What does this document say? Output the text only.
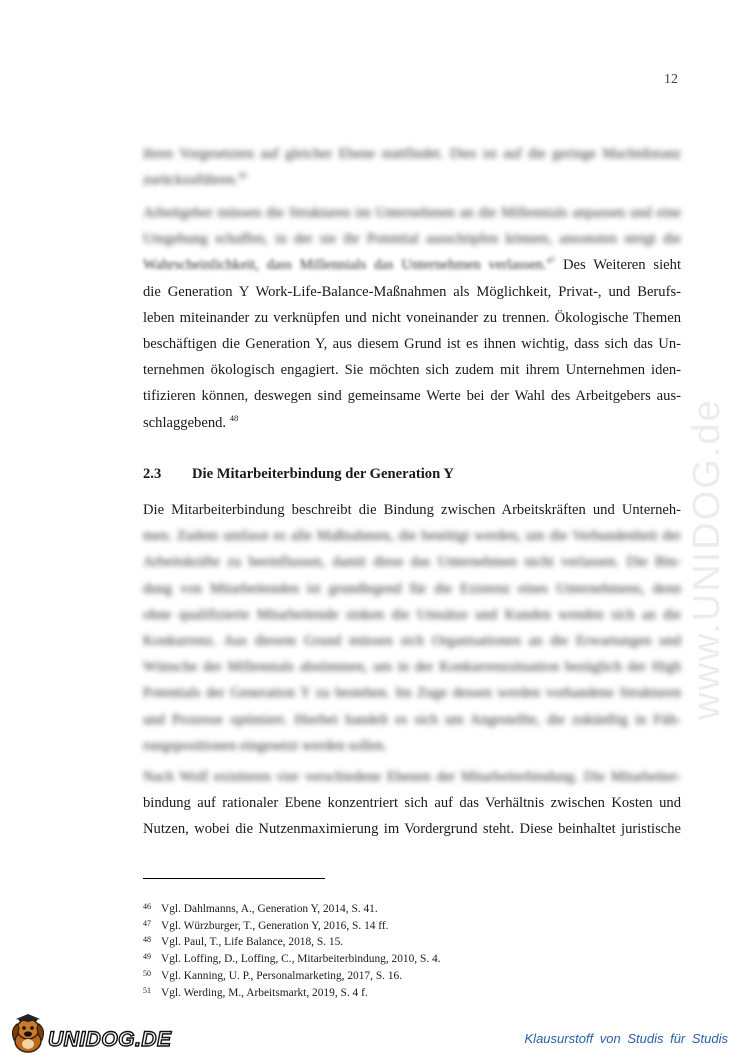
12

ihren Vorgesetzten auf gleicher Ebene stattfindet. Dies ist auf die geringe Machtdistanz
zurückzuführen.$^{46}$

Arbeitgeber müssen die Strukturen im Unternehmen an die Millennials anpassen und eine
Umgebung schaffen, in der sie ihr Potential ausschöpfen können, ansonsten steigt die
Wahrscheinlichkeit, dass Millennials das Unternehmen verlassen.$^{47}$ Des Weiteren sieht
die Generation Y Work-Life-Balance-Maßnahmen als Möglichkeit, Privat-, und Berufs-
leben miteinander zu verknüpfen und nicht voneinander zu trennen. Ökologische Themen
beschäftigen die Generation Y, aus diesem Grund ist es ihnen wichtig, dass sich das Un-
ternehmen ökologisch engagiert. Sie möchten sich zudem mit ihrem Unternehmen iden-
tifizieren können, deswegen sind gemeinsame Werte bei der Wahl des Arbeitgebers aus-
schlaggebend. $^{48}$

2.3 Die Mitarbeiterbindung der Generation Y

Die Mitarbeiterbindung beschreibt die Bindung zwischen Arbeitskräften und Unterneh-
men. Zudem umfasst es alle Maßnahmen, die benötigt werden, um die Verbundenheit der
Arbeitskräfte zu beeinflussen, damit diese das Unternehmen nicht verlassen. Die Bin-
dung von Mitarbeitenden ist grundlegend für die Existenz eines Unternehmens, denn
ohne qualifizierte Mitarbeitende sinken die Umsätze und Kunden wenden sich an die
Konkurrenz. Aus diesem Grund müssen sich Organisationen an die Erwartungen und
Wünsche der Millennials abstimmen, um in der Konkurrenzsituation bezüglich der High
Potentials der Generation Y zu bestehen. Im Zuge dessen werden vorhandene Strukturen
und Prozesse optimiert. Hierbei handelt es sich um Angestellte, die zukünftig in Füh-
rungspositionen eingesetzt werden sollen.

Nach Wolf existieren vier verschiedene Ebenen der Mitarbeiterbindung. Die Mitarbeiter-
bindung auf rationaler Ebene konzentriert sich auf das Verhältnis zwischen Kosten und
Nutzen, wobei die Nutzenmaximierung im Vordergrund steht. Diese beinhaltet juristische

46 Vgl. Dahlmanns, A., Generation Y, 2014, S. 41.
47 Vgl. Würzburger, T., Generation Y, 2016, S. 14 ff.
48 Vgl. Paul, T., Life Balance, 2018, S. 15.
49 Vgl. Loffing, D., Loffing, C., Mitarbeiterbindung, 2010, S. 4.
50 Vgl. Kanning, U. P., Personalmarketing, 2017, S. 16.
51 Vgl. Werding, M., Arbeitsmarkt, 2019, S. 4 f.
www.UNIDOG.de
UNIDOG.DE	Klausurstoff von Studis für Studis
